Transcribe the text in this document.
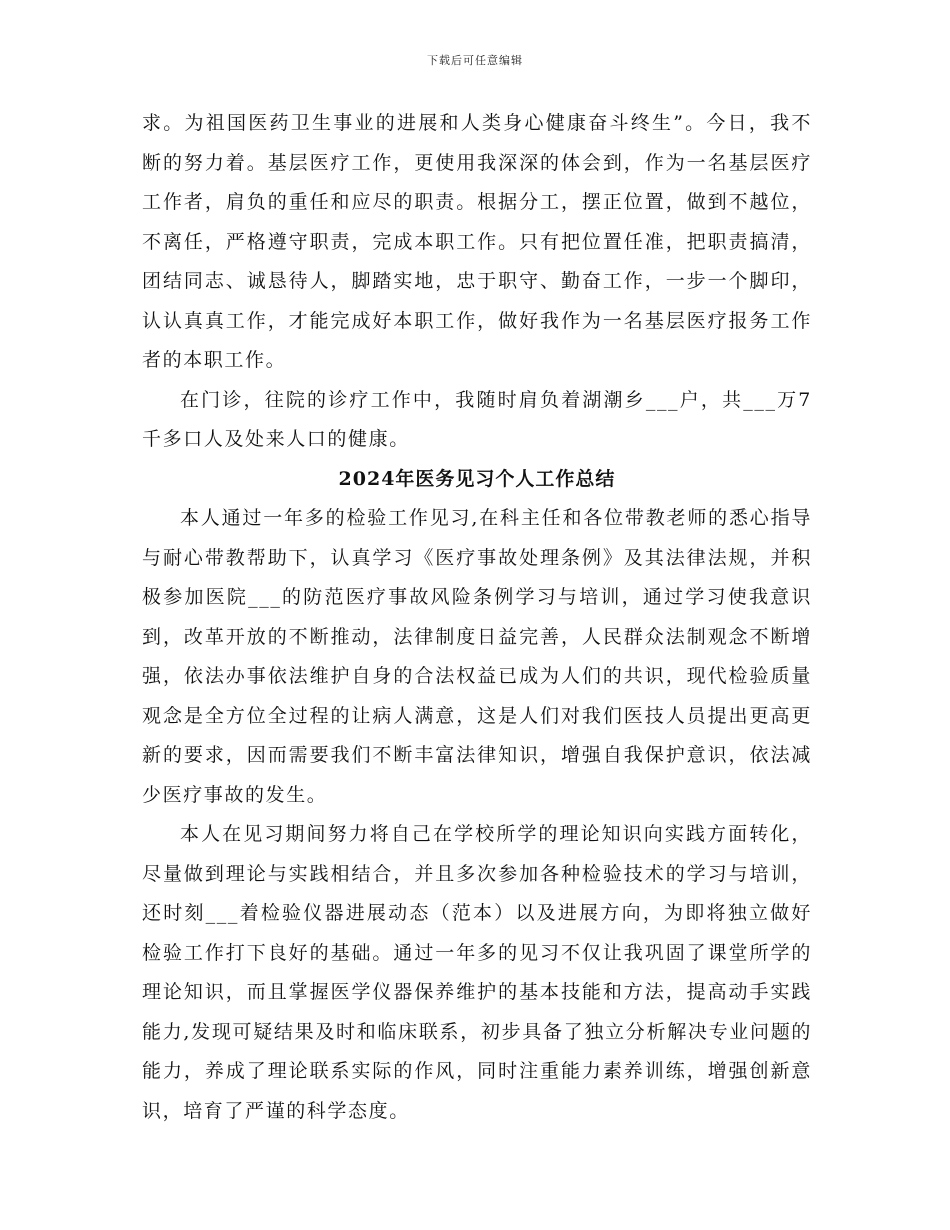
下载后可任意编辑

求。为祖国医药卫生事业的进展和人类身心健康奋斗终生”。今日，我不断的努力着。基层医疗工作，更使用我深深的体会到，作为一名基层医疗工作者，肩负的重任和应尽的职责。根据分工，摆正位置，做到不越位，不离任，严格遵守职责，完成本职工作。只有把位置任准，把职责搞清，团结同志、诚恳待人，脚踏实地，忠于职守、勤奋工作，一步一个脚印，认认真真工作，才能完成好本职工作，做好我作为一名基层医疗报务工作者的本职工作。

在门诊，往院的诊疗工作中，我随时肩负着湖潮乡___户，共___万7千多口人及处来人口的健康。

2024年医务见习个人工作总结

本人通过一年多的检验工作见习,在科主任和各位带教老师的悉心指导与耐心带教帮助下，认真学习《医疗事故处理条例》及其法律法规，并积极参加医院___的防范医疗事故风险条例学习与培训，通过学习使我意识到，改革开放的不断推动，法律制度日益完善，人民群众法制观念不断增强，依法办事依法维护自身的合法权益已成为人们的共识，现代检验质量观念是全方位全过程的让病人满意，这是人们对我们医技人员提出更高更新的要求，因而需要我们不断丰富法律知识，增强自我保护意识，依法减少医疗事故的发生。

本人在见习期间努力将自己在学校所学的理论知识向实践方面转化，尽量做到理论与实践相结合，并且多次参加各种检验技术的学习与培训，还时刻___着检验仪器进展动态（范本）以及进展方向，为即将独立做好检验工作打下良好的基础。通过一年多的见习不仅让我巩固了课堂所学的理论知识，而且掌握医学仪器保养维护的基本技能和方法，提高动手实践能力,发现可疑结果及时和临床联系，初步具备了独立分析解决专业问题的能力，养成了理论联系实际的作风，同时注重能力素养训练，增强创新意识，培育了严谨的科学态度。
